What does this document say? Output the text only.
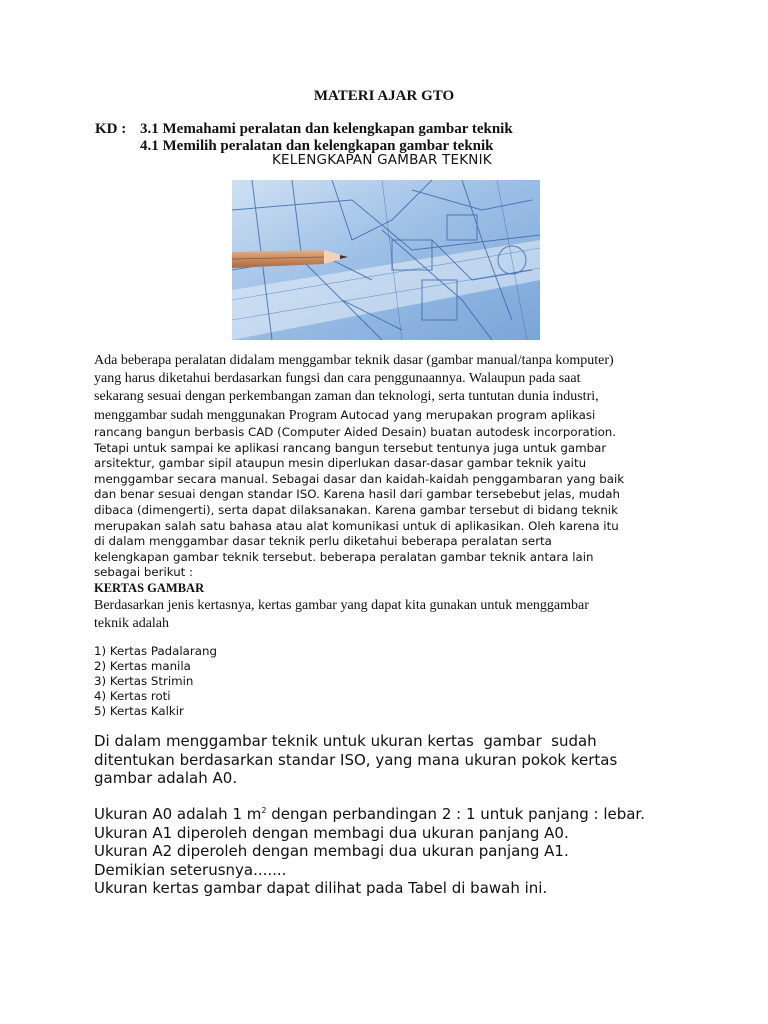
MATERI AJAR GTO
KD : 3.1 Memahami peralatan dan kelengkapan gambar teknik
4.1 Memilih peralatan dan kelengkapan gambar teknik
KELENGKAPAN GAMBAR TEKNIK
Ada beberapa peralatan didalam menggambar teknik dasar (gambar manual/tanpa komputer)
yang harus diketahui berdasarkan fungsi dan cara penggunaannya. Walaupun pada saat
sekarang sesuai dengan perkembangan zaman dan teknologi, serta tuntutan dunia industri,
menggambar sudah menggunakan Program Autocad yang merupakan program aplikasi
rancang bangun berbasis CAD (Computer Aided Desain) buatan autodesk incorporation.
Tetapi untuk sampai ke aplikasi rancang bangun tersebut tentunya juga untuk gambar
arsitektur, gambar sipil ataupun mesin diperlukan dasar-dasar gambar teknik yaitu
menggambar secara manual. Sebagai dasar dan kaidah-kaidah penggambaran yang baik
dan benar sesuai dengan standar ISO. Karena hasil dari gambar tersebebut jelas, mudah
dibaca (dimengerti), serta dapat dilaksanakan. Karena gambar tersebut di bidang teknik
merupakan salah satu bahasa atau alat komunikasi untuk di aplikasikan. Oleh karena itu
di dalam menggambar dasar teknik perlu diketahui beberapa peralatan serta
kelengkapan gambar teknik tersebut. beberapa peralatan gambar teknik antara lain
sebagai berikut :
KERTAS GAMBAR
Berdasarkan jenis kertasnya, kertas gambar yang dapat kita gunakan untuk menggambar
teknik adalah
1) Kertas Padalarang
2) Kertas manila
3) Kertas Strimin
4) Kertas roti
5) Kertas Kalkir
Di dalam menggambar teknik untuk ukuran kertas  gambar  sudah
ditentukan berdasarkan standar ISO, yang mana ukuran pokok kertas
gambar adalah A0.
Ukuran A0 adalah 1 $m^2$ dengan perbandingan 2 : 1 untuk panjang : lebar.
Ukuran A1 diperoleh dengan membagi dua ukuran panjang A0.
Ukuran A2 diperoleh dengan membagi dua ukuran panjang A1.
Demikian seterusnya.......
Ukuran kertas gambar dapat dilihat pada Tabel di bawah ini.
